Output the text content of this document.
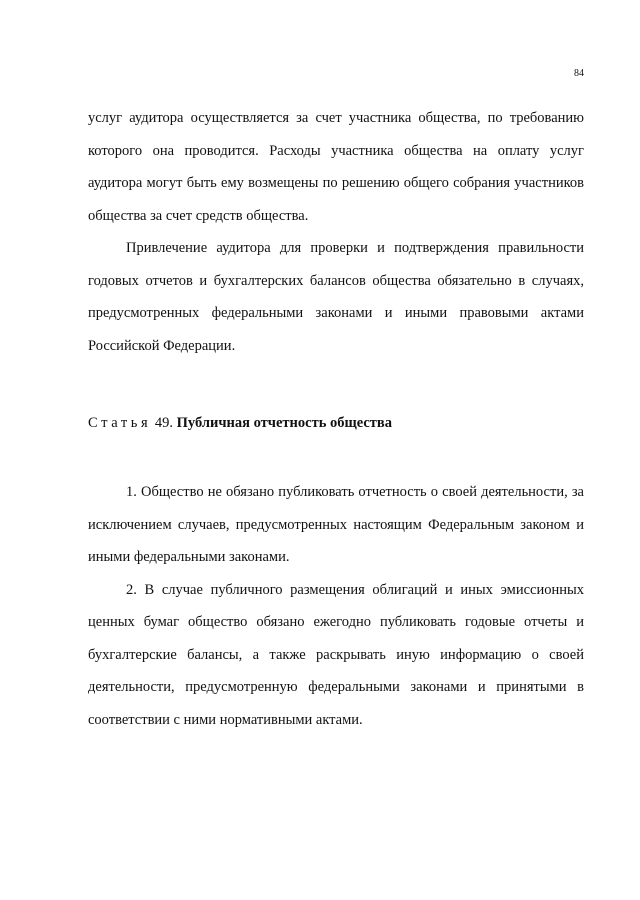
84

услуг аудитора осуществляется за счет участника общества, по требованию которого она проводится. Расходы участника общества на оплату услуг аудитора могут быть ему возмещены по решению общего собрания участников общества за счет средств общества.

Привлечение аудитора для проверки и подтверждения правильности годовых отчетов и бухгалтерских балансов общества обязательно в случаях, предусмотренных федеральными законами и иными правовыми актами Российской Федерации.

Статья 49. Публичная отчетность общества

1. Общество не обязано публиковать отчетность о своей деятельности, за исключением случаев, предусмотренных настоящим Федеральным законом и иными федеральными законами.

2. В случае публичного размещения облигаций и иных эмиссионных ценных бумаг общество обязано ежегодно публиковать годовые отчеты и бухгалтерские балансы, а также раскрывать иную информацию о своей деятельности, предусмотренную федеральными законами и принятыми в соответствии с ними нормативными актами.
